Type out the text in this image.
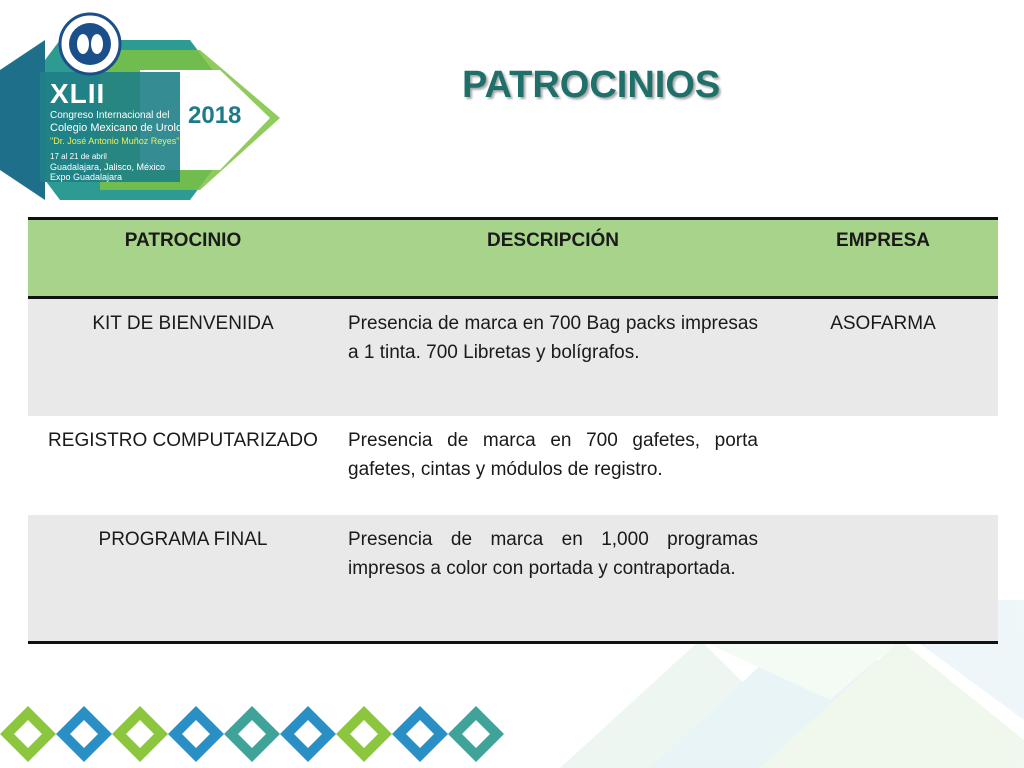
XLII
Congreso Internacional del
Colegio Mexicano de Urología Nacional
"Dr. José Antonio Muñoz Reyes"
17 al 21 de abril
Guadalajara, Jalisco, México
Expo Guadalajara
2018
PATROCINIOS
PATROCINIO	DESCRIPCIÓN	EMPRESA
KIT DE BIENVENIDA	Presencia de marca en 700 Bag packs impresas a 1 tinta. 700 Libretas y bolígrafos.	ASOFARMA
REGISTRO COMPUTARIZADO	Presencia de marca en 700 gafetes, porta gafetes, cintas y módulos de registro.	
PROGRAMA FINAL	Presencia de marca en 1,000 programas impresos a color con portada y contraportada.	
